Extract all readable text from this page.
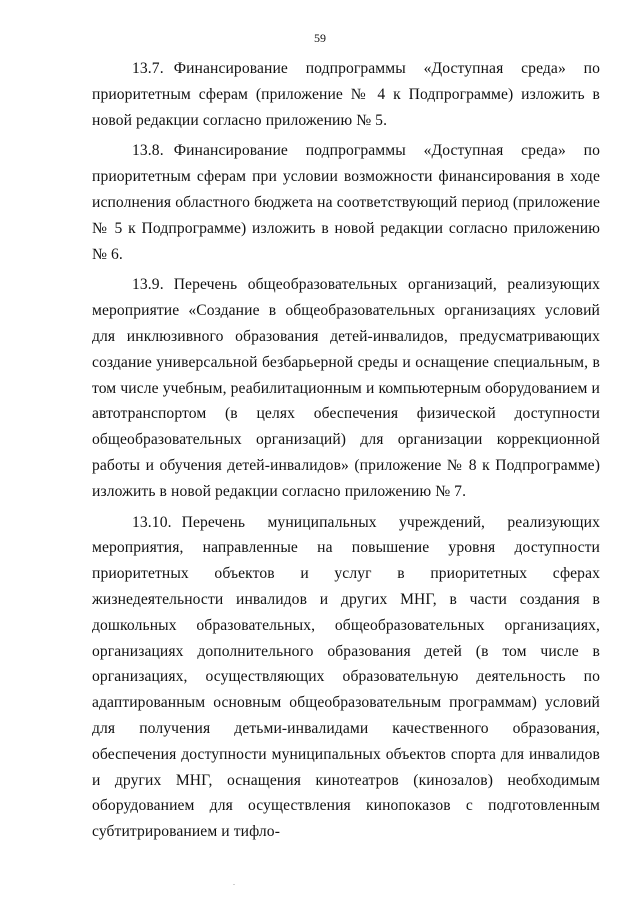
59

13.7. Финансирование подпрограммы «Доступная среда» по приоритетным сферам (приложение № 4 к Подпрограмме) изложить в новой редакции согласно приложению № 5.

13.8. Финансирование подпрограммы «Доступная среда» по приоритетным сферам при условии возможности финансирования в ходе исполнения областного бюджета на соответствующий период (приложение № 5 к Подпрограмме) изложить в новой редакции согласно приложению № 6.

13.9. Перечень общеобразовательных организаций, реализующих мероприятие «Создание в общеобразовательных организациях условий для инклюзивного образования детей-инвалидов, предусматривающих создание универсальной безбарьерной среды и оснащение специальным, в том числе учебным, реабилитационным и компьютерным оборудованием и автотранспортом (в целях обеспечения физической доступности общеобразовательных организаций) для организации коррекционной работы и обучения детей-инвалидов» (приложение № 8 к Подпрограмме) изложить в новой редакции согласно приложению № 7.

13.10. Перечень муниципальных учреждений, реализующих мероприятия, направленные на повышение уровня доступности приоритетных объектов и услуг в приоритетных сферах жизнедеятельности инвалидов и других МНГ, в части создания в дошкольных образовательных, общеобразовательных организациях, организациях дополнительного образования детей (в том числе в организациях, осуществляющих образовательную деятельность по адаптированным основным общеобразовательным программам) условий для получения детьми-инвалидами качественного образования, обеспечения доступности муниципальных объектов спорта для инвалидов и других МНГ, оснащения кинотеатров (кинозалов) необходимым оборудованием для осуществления кинопоказов с подготовленным субтитрированием и тифло-
